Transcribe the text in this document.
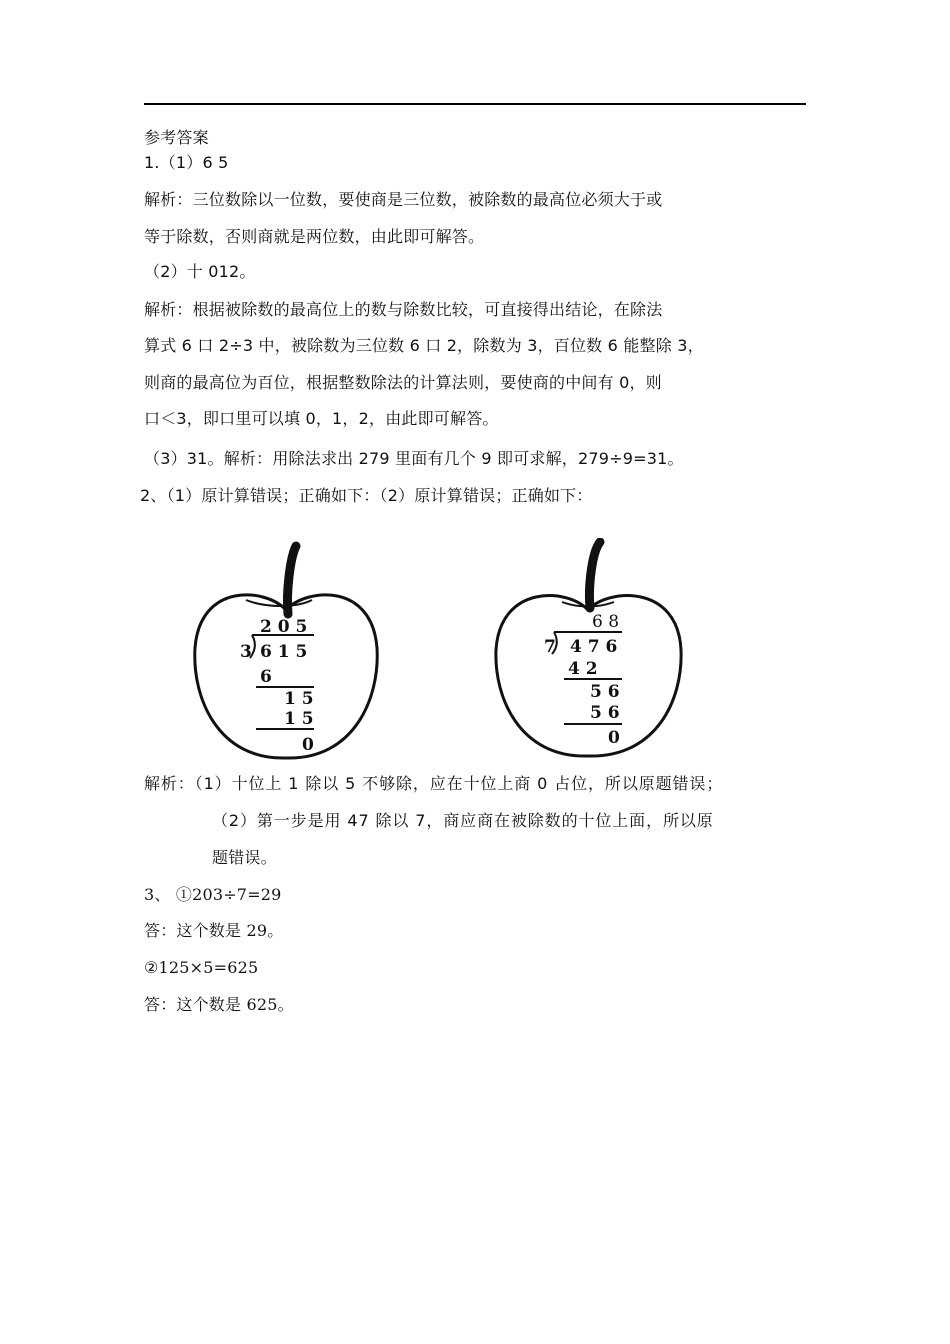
参考答案
1.（1）6 5
解析：三位数除以一位数，要使商是三位数，被除数的最高位必须大于或
等于除数，否则商就是两位数，由此即可解答。
（2）十 012。
解析：根据被除数的最高位上的数与除数比较，可直接得出结论，在除法
算式 6 口 2÷3 中，被除数为三位数 6 口 2，除数为 3，百位数 6 能整除 3，
则商的最高位为百位，根据整数除法的计算法则，要使商的中间有 0，则
口＜3，即口里可以填 0，1，2，由此即可解答。
（3）31。解析：用除法求出 279 里面有几个 9 即可求解，279÷9=31。
2、（1）原计算错误；正确如下：（2）原计算错误；正确如下：
2 0 5
3 6 1 5
6
1 5
1 5
0
6 8
7 4 7 6
4 2
5 6
5 6
0
解析：（1）十位上 1 除以 5 不够除，应在十位上商 0 占位，所以原题错误；
（2）第一步是用 47 除以 7，商应商在被除数的十位上面，所以原
题错误。
3、 ①203÷7=29
答：这个数是 29。
②125×5=625
答：这个数是 625。
